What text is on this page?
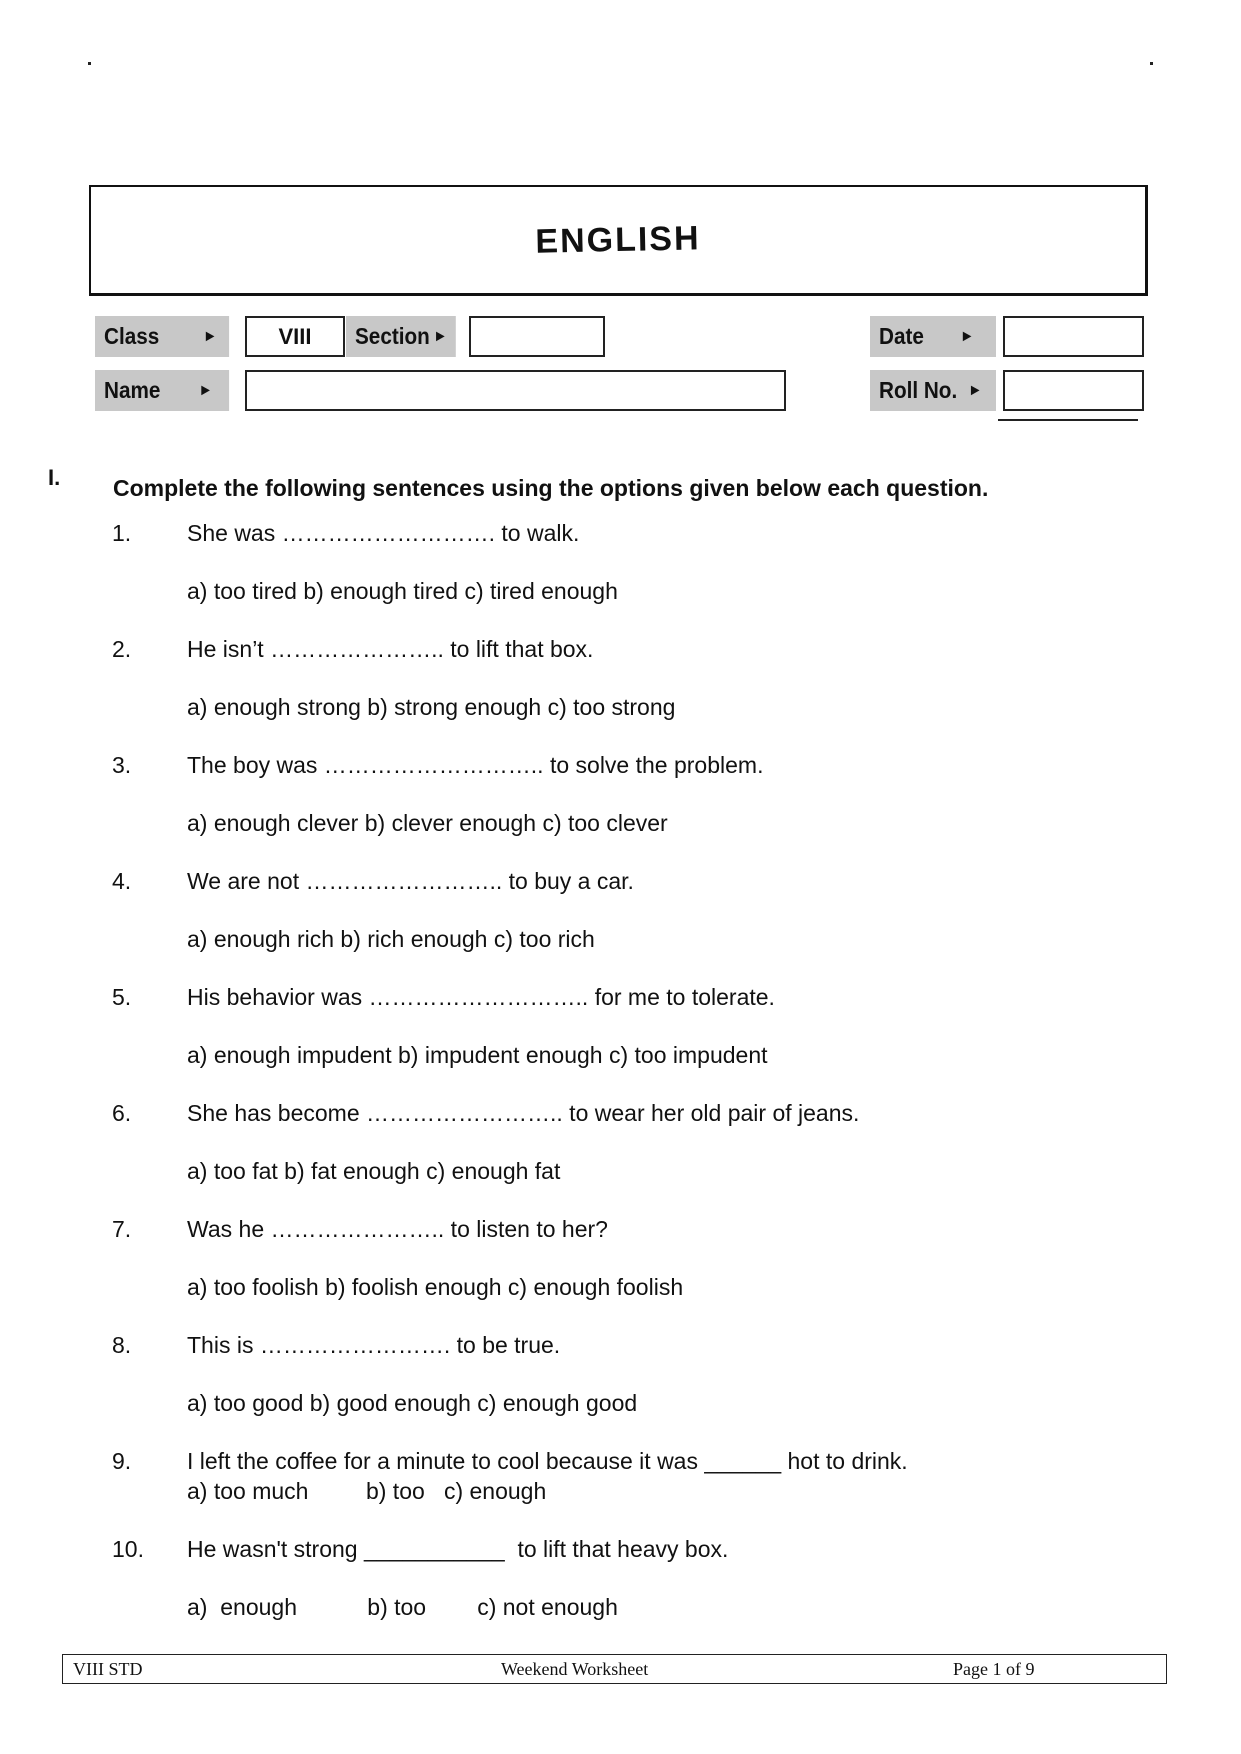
ENGLISH
Class	►	VIII	Section ►	Date ►
Name ►	Roll No. ►
I. Complete the following sentences using the options given below each question.
1. She was ………………………. to walk.
a) too tired b) enough tired c) tired enough
2. He isn’t ………………….. to lift that box.
a) enough strong b) strong enough c) too strong
3. The boy was ……………………….. to solve the problem.
a) enough clever b) clever enough c) too clever
4. We are not …………………….. to buy a car.
a) enough rich b) rich enough c) too rich
5. His behavior was ……………………….. for me to tolerate.
a) enough impudent b) impudent enough c) too impudent
6. She has become …………………….. to wear her old pair of jeans.
a) too fat b) fat enough c) enough fat
7. Was he ………………….. to listen to her?
a) too foolish b) foolish enough c) enough foolish
8. This is ……………………. to be true.
a) too good b) good enough c) enough good
9. I left the coffee for a minute to cool because it was ______ hot to drink.
a) too much         b) too   c) enough
10. He wasn't strong ___________  to lift that heavy box.
a)  enough           b) too        c) not enough
VIII STD	Weekend Worksheet	Page 1 of 9
